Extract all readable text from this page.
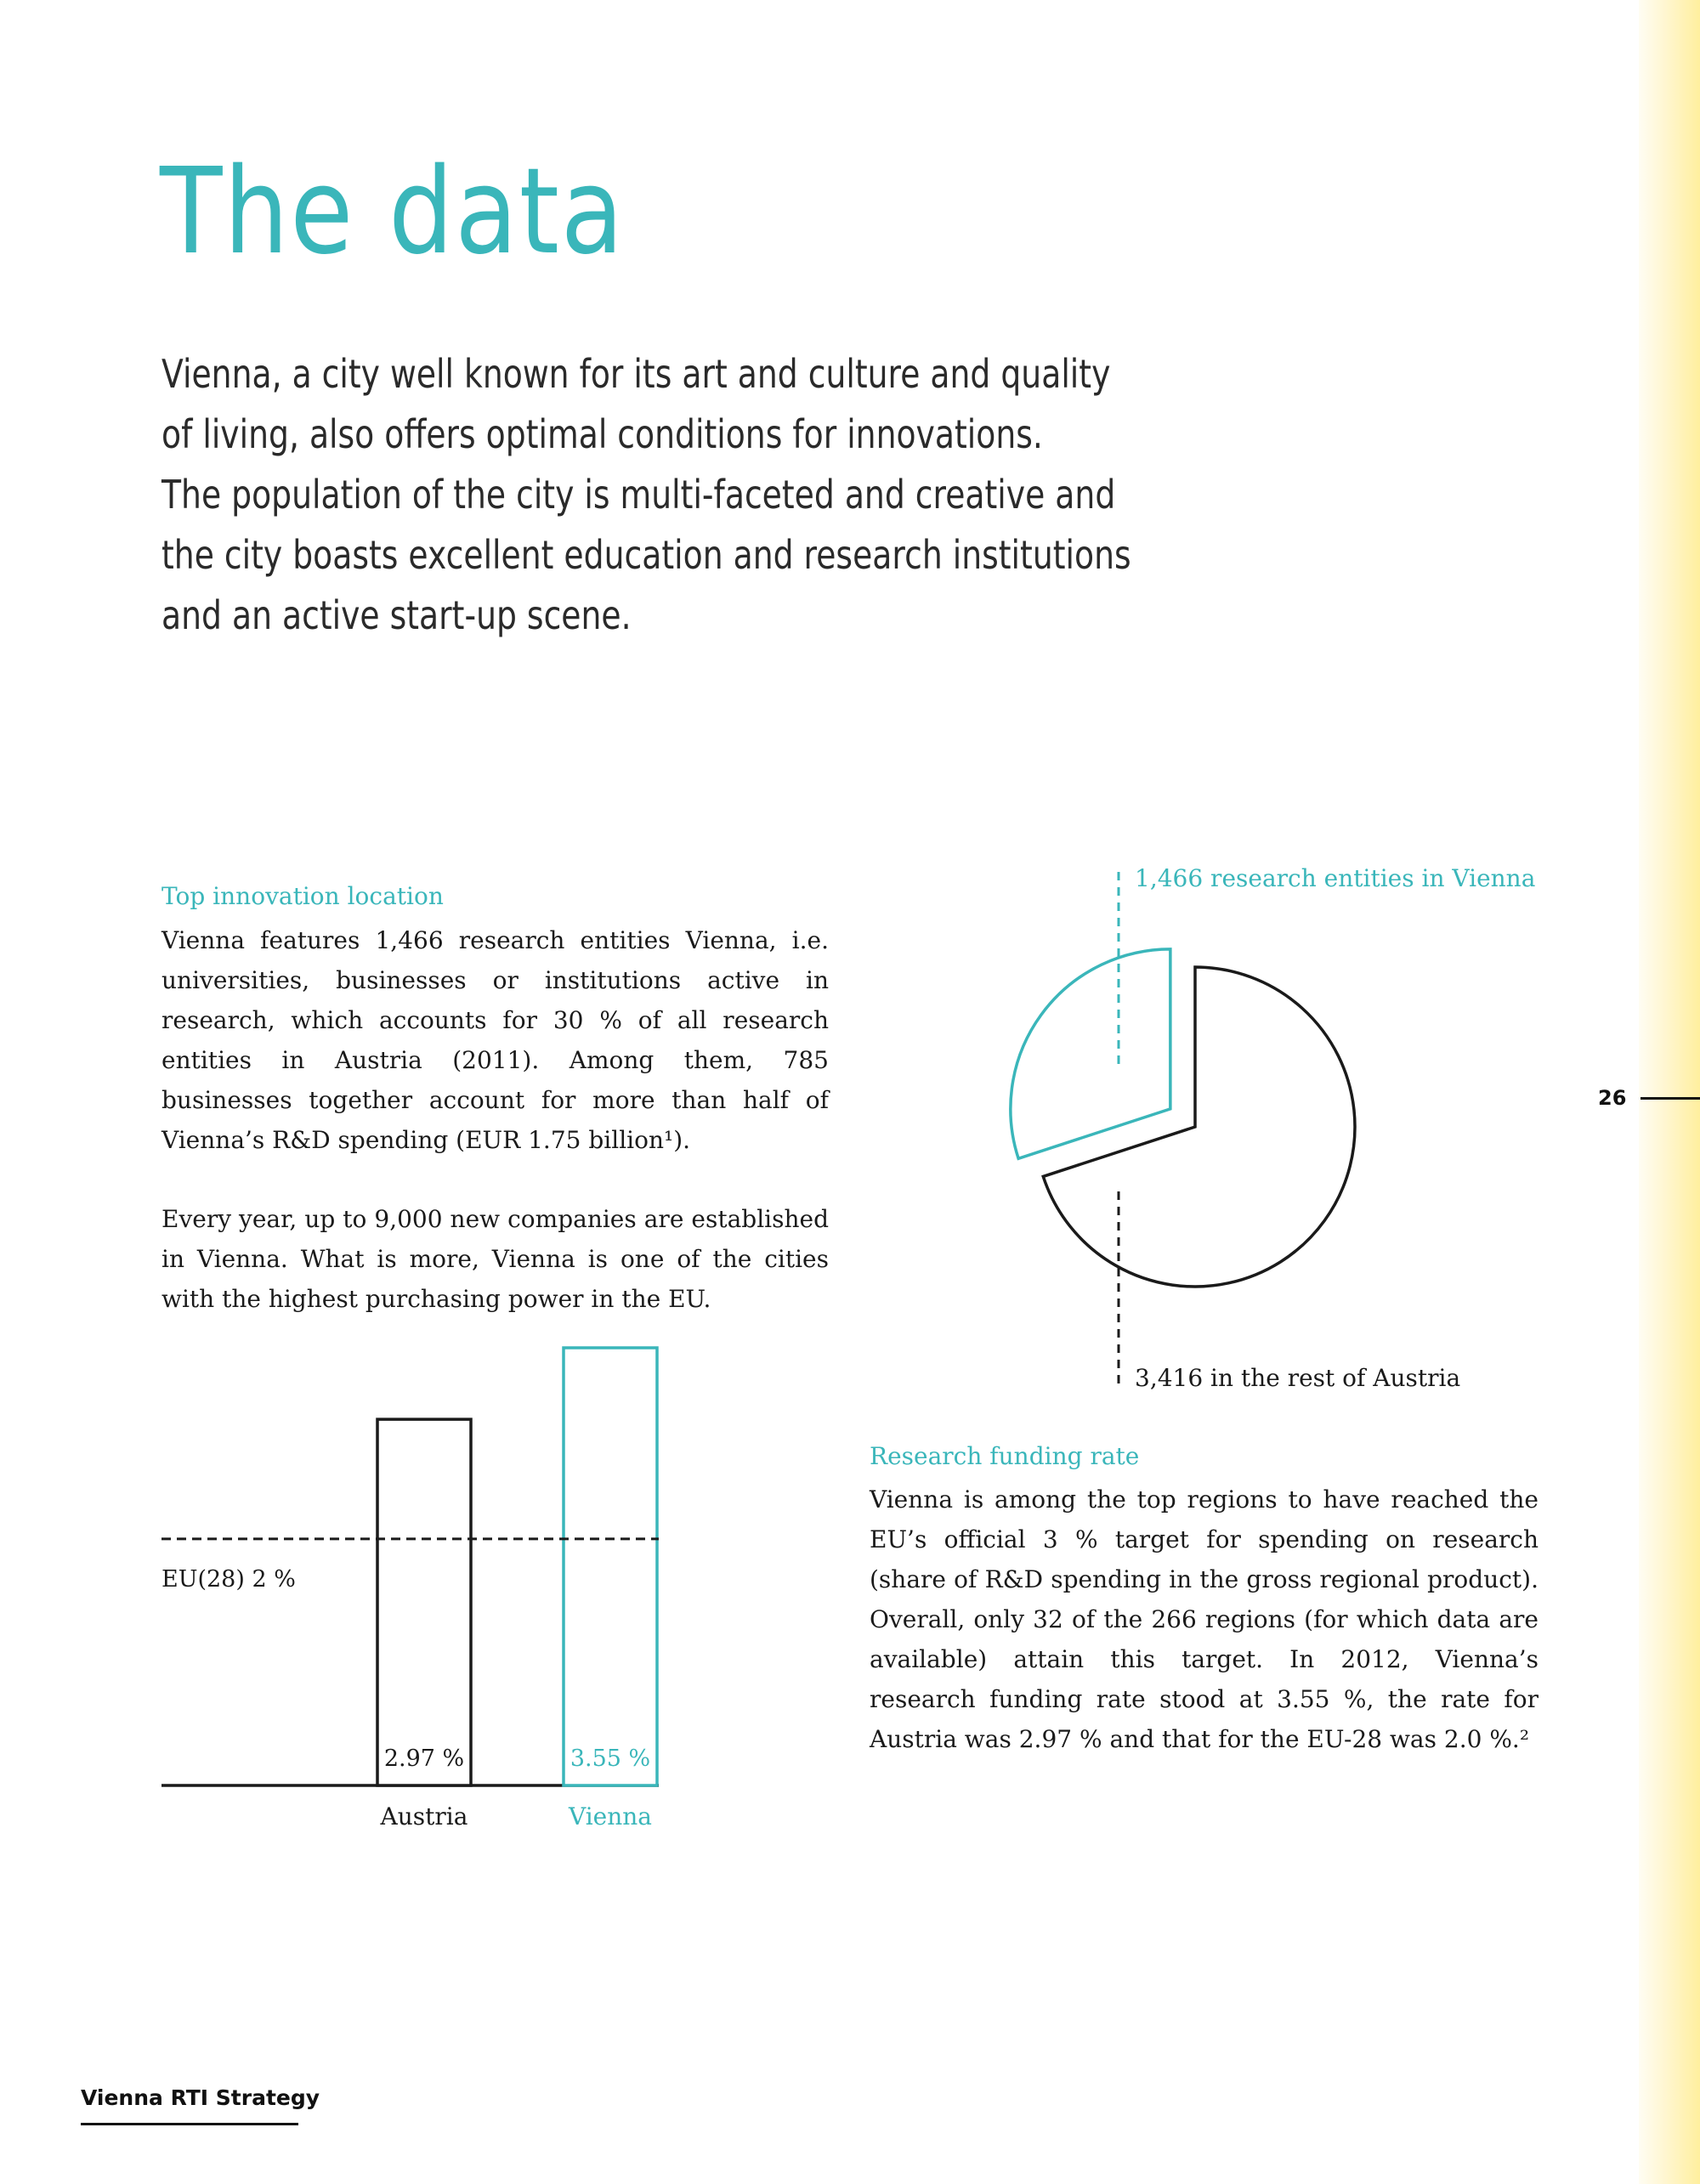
The data
Vienna, a city well known for its art and culture and quality
of living, also offers optimal conditions for innovations.
The population of the city is multi-faceted and creative and
the city boasts excellent education and research institutions
and an active start-up scene.
Top innovation location

Vienna features 1,466 research entities Vienna, i.e. universities, businesses or institutions active in research, which accounts for 30 % of all research entities in Austria (2011). Among them, 785 businesses together account for more than half of Vienna’s R&D spending (EUR 1.75 billion¹).

Every year, up to 9,000 new companies are established in Vienna. What is more, Vienna is one of the cities with the highest purchasing power in the EU.

Research funding rate

Vienna is among the top regions to have reached the EU’s official 3 % target for spending on research (share of R&D spending in the gross regional product). Overall, only 32 of the 266 regions (for which data are available) attain this target. In 2012, Vienna’s research funding rate stood at 3.55 %, the rate for Austria was 2.97 % and that for the EU-28 was 2.0 %.²

1,466 research entities in Vienna
3,416 in the rest of Austria
EU(28) 2 %
2.97 %	3.55 %
Austria	Vienna
26
Vienna RTI Strategy
